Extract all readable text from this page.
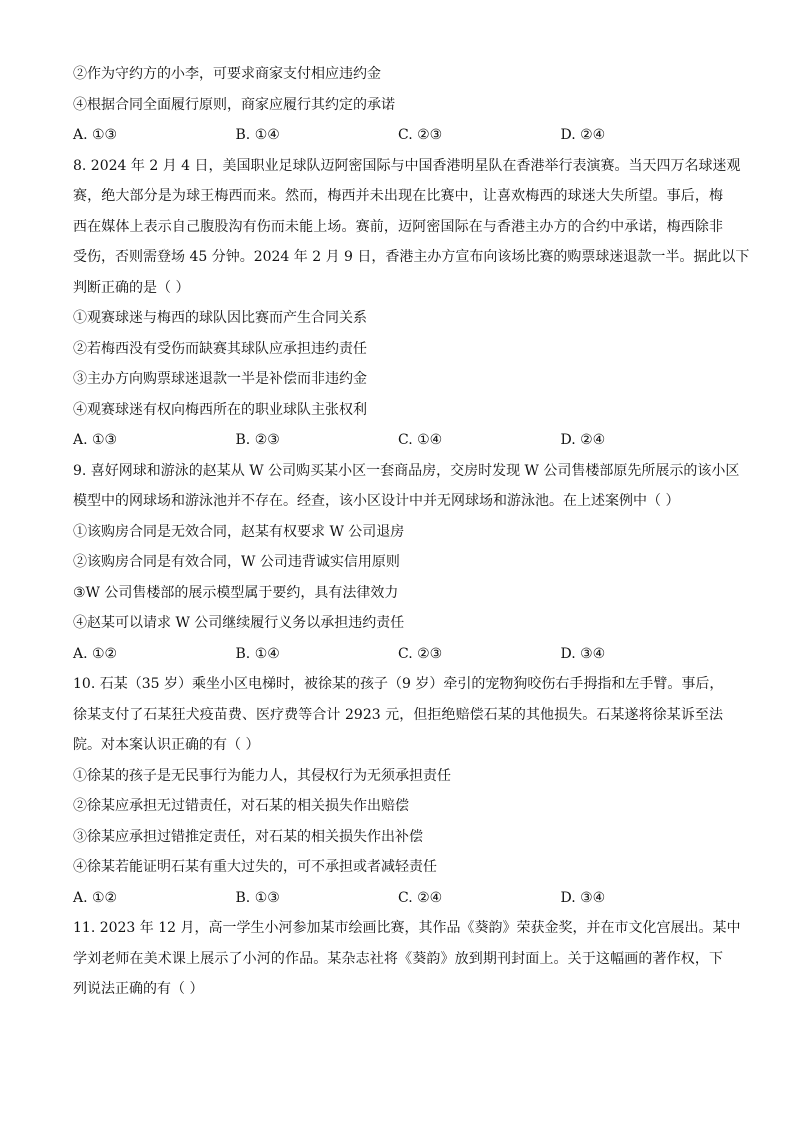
②作为守约方的小李，可要求商家支付相应违约金
④根据合同全面履行原则，商家应履行其约定的承诺
A. ①③	B. ①④	C. ②③	D. ②④
8. 2024 年 2 月 4 日，美国职业足球队迈阿密国际与中国香港明星队在香港举行表演赛。当天四万名球迷观
赛，绝大部分是为球王梅西而来。然而，梅西并未出现在比赛中，让喜欢梅西的球迷大失所望。事后，梅
西在媒体上表示自己腹股沟有伤而未能上场。赛前，迈阿密国际在与香港主办方的合约中承诺，梅西除非
受伤，否则需登场 45 分钟。2024 年 2 月 9 日，香港主办方宣布向该场比赛的购票球迷退款一半。据此以下
判断正确的是（ ）
①观赛球迷与梅西的球队因比赛而产生合同关系
②若梅西没有受伤而缺赛其球队应承担违约责任
③主办方向购票球迷退款一半是补偿而非违约金
④观赛球迷有权向梅西所在的职业球队主张权利
A. ①③	B. ②③	C. ①④	D. ②④
9. 喜好网球和游泳的赵某从 W 公司购买某小区一套商品房，交房时发现 W 公司售楼部原先所展示的该小区
模型中的网球场和游泳池并不存在。经查，该小区设计中并无网球场和游泳池。在上述案例中（ ）
①该购房合同是无效合同，赵某有权要求 W 公司退房
②该购房合同是有效合同，W 公司违背诚实信用原则
③W 公司售楼部的展示模型属于要约，具有法律效力
④赵某可以请求 W 公司继续履行义务以承担违约责任
A. ①②	B. ①④	C. ②③	D. ③④
10. 石某（35 岁）乘坐小区电梯时，被徐某的孩子（9 岁）牵引的宠物狗咬伤右手拇指和左手臂。事后，
徐某支付了石某狂犬疫苗费、医疗费等合计 2923 元，但拒绝赔偿石某的其他损失。石某遂将徐某诉至法
院。对本案认识正确的有（ ）
①徐某的孩子是无民事行为能力人，其侵权行为无须承担责任
②徐某应承担无过错责任，对石某的相关损失作出赔偿
③徐某应承担过错推定责任，对石某的相关损失作出补偿
④徐某若能证明石某有重大过失的，可不承担或者减轻责任
A. ①②	B. ①③	C. ②④	D. ③④
11. 2023 年 12 月，高一学生小河参加某市绘画比赛，其作品《葵韵》荣获金奖，并在市文化宫展出。某中
学刘老师在美术课上展示了小河的作品。某杂志社将《葵韵》放到期刊封面上。关于这幅画的著作权，下
列说法正确的有（ ）
